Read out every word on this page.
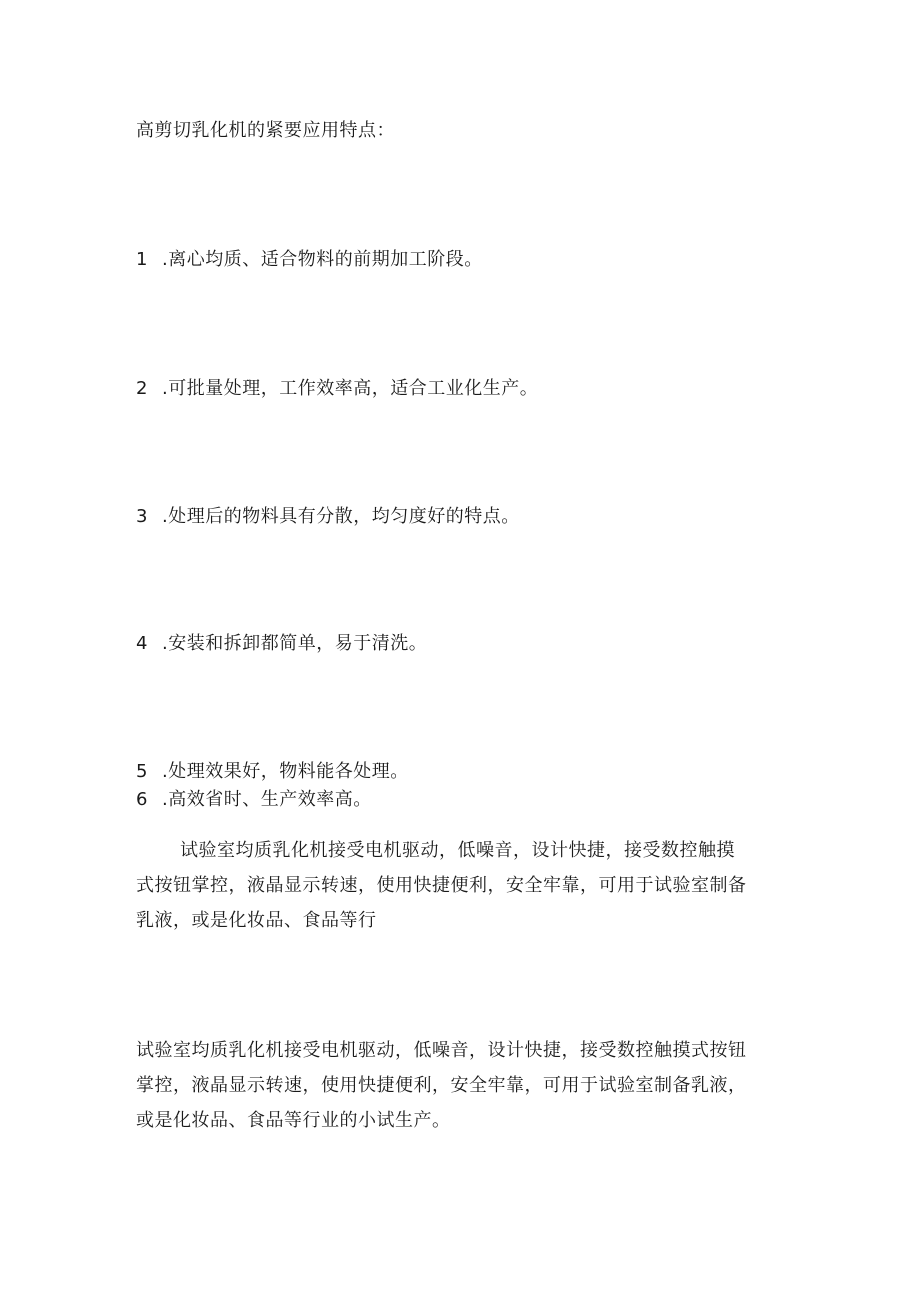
高剪切乳化机的紧要应用特点：
1 .离心均质、适合物料的前期加工阶段。
2 .可批量处理，工作效率高，适合工业化生产。
3 .处理后的物料具有分散，均匀度好的特点。
4 .安装和拆卸都简单，易于清洗。
5 .处理效果好，物料能各处理。
6 .高效省时、生产效率高。
试验室均质乳化机接受电机驱动，低噪音，设计快捷，接受数控触摸
式按钮掌控，液晶显示转速，使用快捷便利，安全牢靠，可用于试验室制备
乳液，或是化妆品、食品等行
试验室均质乳化机接受电机驱动，低噪音，设计快捷，接受数控触摸式按钮
掌控，液晶显示转速，使用快捷便利，安全牢靠，可用于试验室制备乳液，
或是化妆品、食品等行业的小试生产。
